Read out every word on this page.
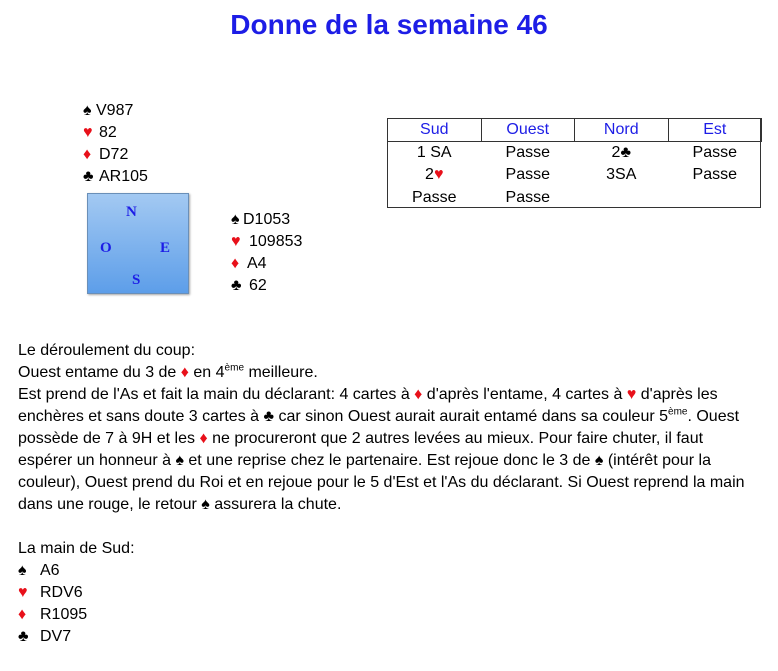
Donne de la semaine 46
♠ V987
♥ 82
♦ D72
♣ AR105
N
O	E
S
♠ D1053
♥ 109853
♦ A4
♣ 62
Sud	Ouest	Nord	Est
1 SA	Passe	2♣	Passe
2♥	Passe	3SA	Passe
Passe	Passe		

Le déroulement du coup:

Ouest entame du 3 de ♦ en 4ème meilleure.

Est prend de l'As et fait la main du déclarant: 4 cartes à ♦ d'après l'entame, 4 cartes à ♥ d'après les enchères et sans doute 3 cartes à ♣ car sinon Ouest aurait aurait entamé dans sa couleur 5ème. Ouest possède de 7 à 9H et les ♦ ne procureront que 2 autres levées au mieux. Pour faire chuter, il faut espérer un honneur à ♠ et une reprise chez le partenaire. Est rejoue donc le 3 de ♠ (intérêt pour la couleur), Ouest prend du Roi et en rejoue pour le 5 d'Est et l'As du déclarant. Si Ouest reprend la main dans une rouge, le retour ♠ assurera la chute.

La main de Sud:

♠ A6
♥ RDV6
♦ R1095
♣ DV7
